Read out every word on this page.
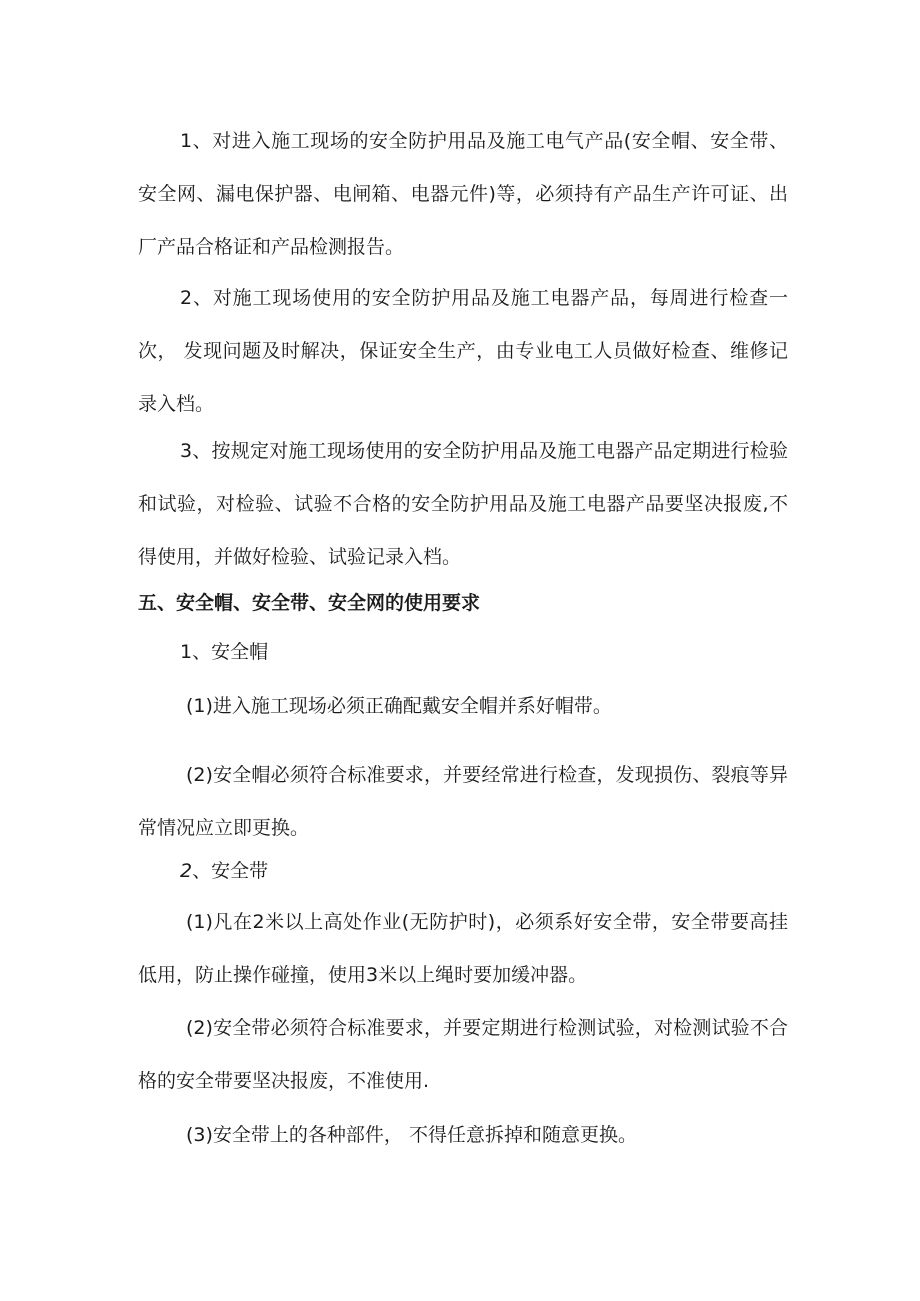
1、对进入施工现场的安全防护用品及施工电气产品(安全帽、安全带、安全网、漏电保护器、电闸箱、电器元件)等，必须持有产品生产许可证、出厂产品合格证和产品检测报告。

2、对施工现场使用的安全防护用品及施工电器产品，每周进行检查一次， 发现问题及时解决，保证安全生产，由专业电工人员做好检查、维修记录入档。

3、按规定对施工现场使用的安全防护用品及施工电器产品定期进行检验和试验，对检验、试验不合格的安全防护用品及施工电器产品要坚决报废,不得使用，并做好检验、试验记录入档。

五、安全帽、安全带、安全网的使用要求

1、安全帽

(1)进入施工现场必须正确配戴安全帽并系好帽带。

(2)安全帽必须符合标准要求，并要经常进行检查，发现损伤、裂痕等异常情况应立即更换。

2、安全带

(1)凡在2米以上高处作业(无防护时)，必须系好安全带，安全带要高挂低用，防止操作碰撞，使用3米以上绳时要加缓冲器。

(2)安全带必须符合标准要求，并要定期进行检测试验，对检测试验不合格的安全带要坚决报废，不准使用.

(3)安全带上的各种部件， 不得任意拆掉和随意更换。
